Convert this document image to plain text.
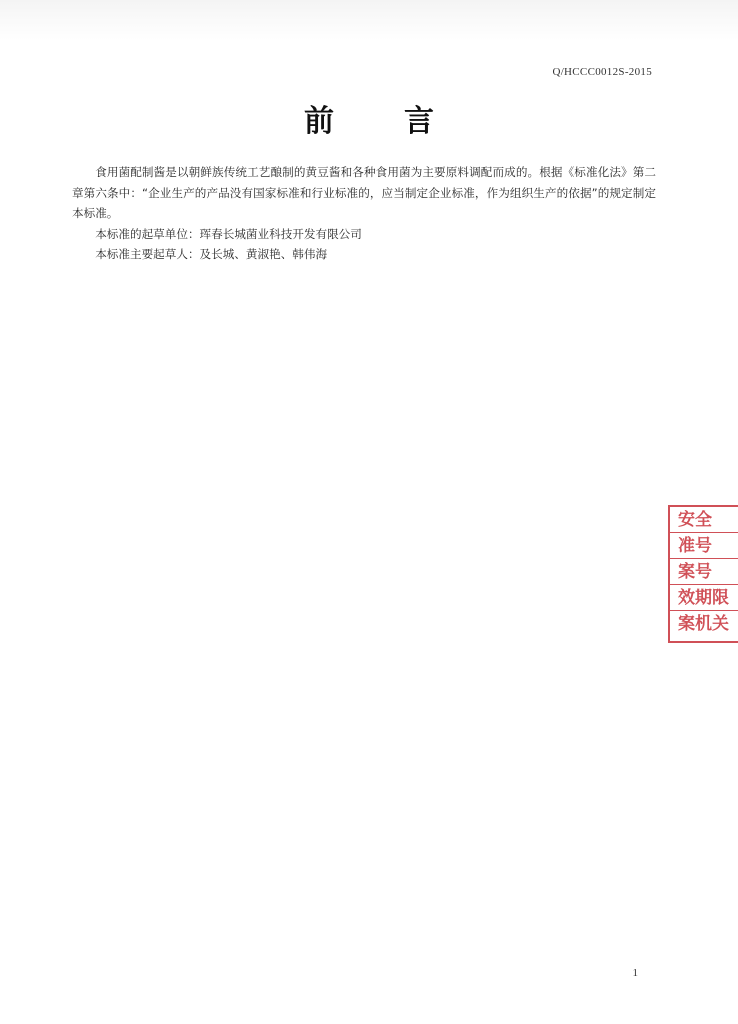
Q/HCCC0012S-2015
前 言

食用菌配制酱是以朝鲜族传统工艺酿制的黄豆酱和各种食用菌为主要原料调配而成的。根据《标准化法》第二章第六条中：“企业生产的产品没有国家标准和行业标准的，应当制定企业标准，作为组织生产的依据”的规定制定本标准。

本标准的起草单位：珲春长城菌业科技开发有限公司

本标准主要起草人：及长城、黄淑艳、韩伟海

安全
准号
案号
效期限
案机关
1
